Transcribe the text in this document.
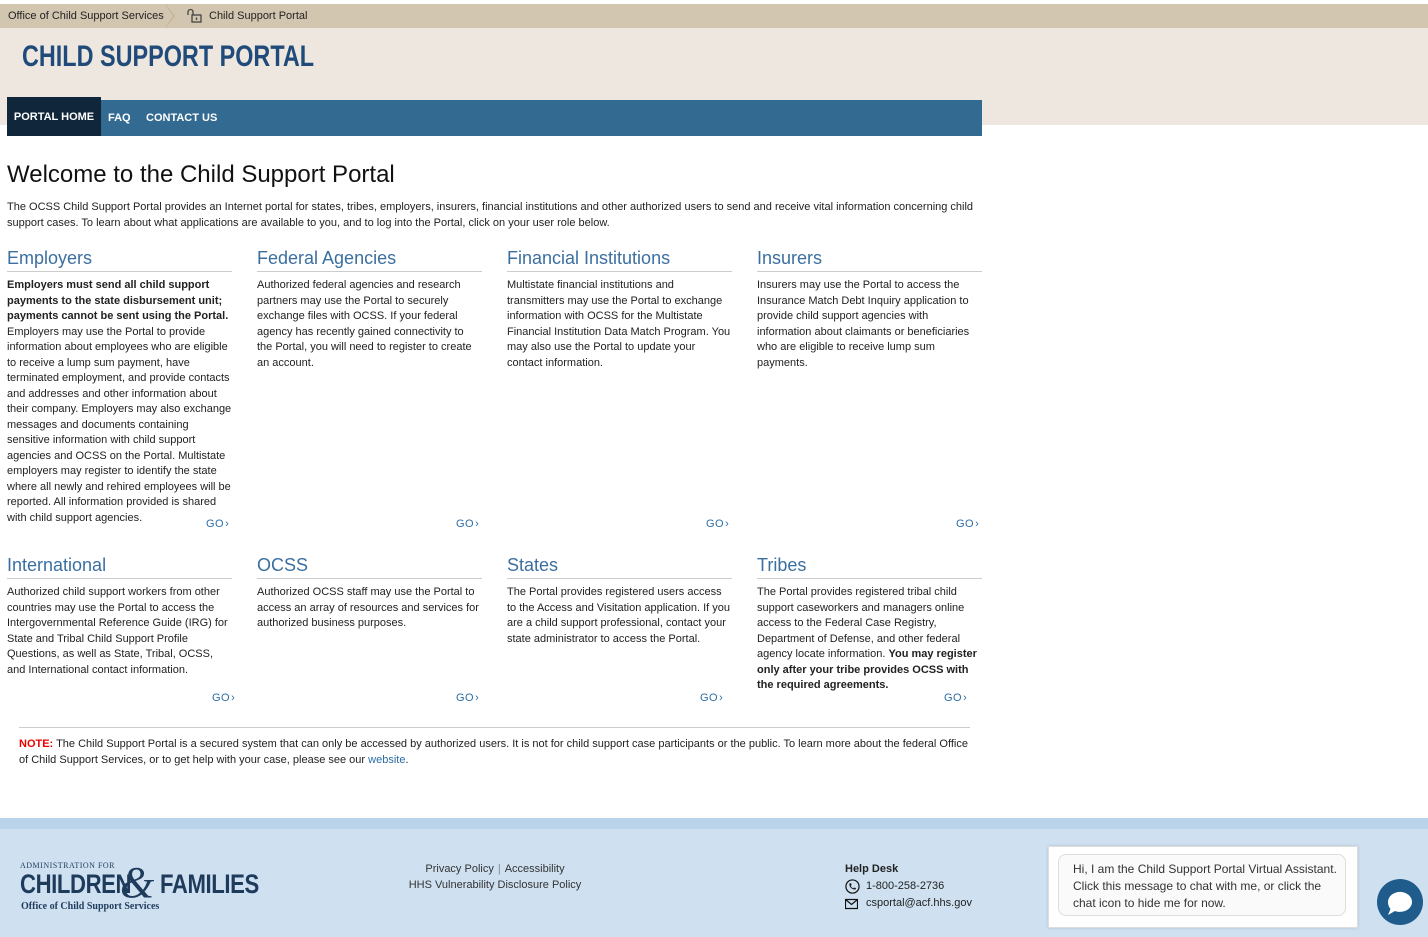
Office of Child Support Services	Child Support Portal
CHILD SUPPORT PORTAL
PORTAL HOME	FAQ CONTACT US
Welcome to the Child Support Portal

The OCSS Child Support Portal provides an Internet portal for states, tribes, employers, insurers, financial institutions and other authorized users to send and receive vital information concerning child support cases. To learn about what applications are available to you, and to log into the Portal, click on your user role below.

Employers

Employers must send all child support payments to the state disbursement unit; payments cannot be sent using the Portal. Employers may use the Portal to provide information about employees who are eligible to receive a lump sum payment, have terminated employment, and provide contacts and addresses and other information about their company. Employers may also exchange messages and documents containing sensitive information with child support agencies and OCSS on the Portal. Multistate employers may register to identify the state where all newly and rehired employees will be reported. All information provided is shared with child support agencies.

GO›
Federal Agencies

Authorized federal agencies and research partners may use the Portal to securely exchange files with OCSS. If your federal agency has recently gained connectivity to the Portal, you will need to register to create an account.

GO›
Financial Institutions

Multistate financial institutions and transmitters may use the Portal to exchange information with OCSS for the Multistate Financial Institution Data Match Program. You may also use the Portal to update your contact information.

GO›
Insurers

Insurers may use the Portal to access the Insurance Match Debt Inquiry application to provide child support agencies with information about claimants or beneficiaries who are eligible to receive lump sum payments.

GO›
International

Authorized child support workers from other countries may use the Portal to access the Intergovernmental Reference Guide (IRG) for State and Tribal Child Support Profile Questions, as well as State, Tribal, OCSS, and International contact information.

GO›
OCSS

Authorized OCSS staff may use the Portal to access an array of resources and services for authorized business purposes.

GO›
States

The Portal provides registered users access to the Access and Visitation application. If you are a child support professional, contact your state administrator to access the Portal.

GO›
Tribes

The Portal provides registered tribal child support caseworkers and managers online access to the Federal Case Registry, Department of Defense, and other federal agency locate information. You may register only after your tribe provides OCSS with the required agreements.

GO›

NOTE: The Child Support Portal is a secured system that can only be accessed by authorized users. It is not for child support case participants or the public. To learn more about the federal Office of Child Support Services, or to get help with your case, please see our website.

ADMINISTRATION FOR
CHILDREN
& FAMILIES
Office of Child Support Services
Privacy Policy | Accessibility
HHS Vulnerability Disclosure Policy
Help Desk
1-800-258-2736
csportal@acf.hhs.gov
Hi, I am the Child Support Portal Virtual Assistant. Click this message to chat with me, or click the chat icon to hide me for now.
